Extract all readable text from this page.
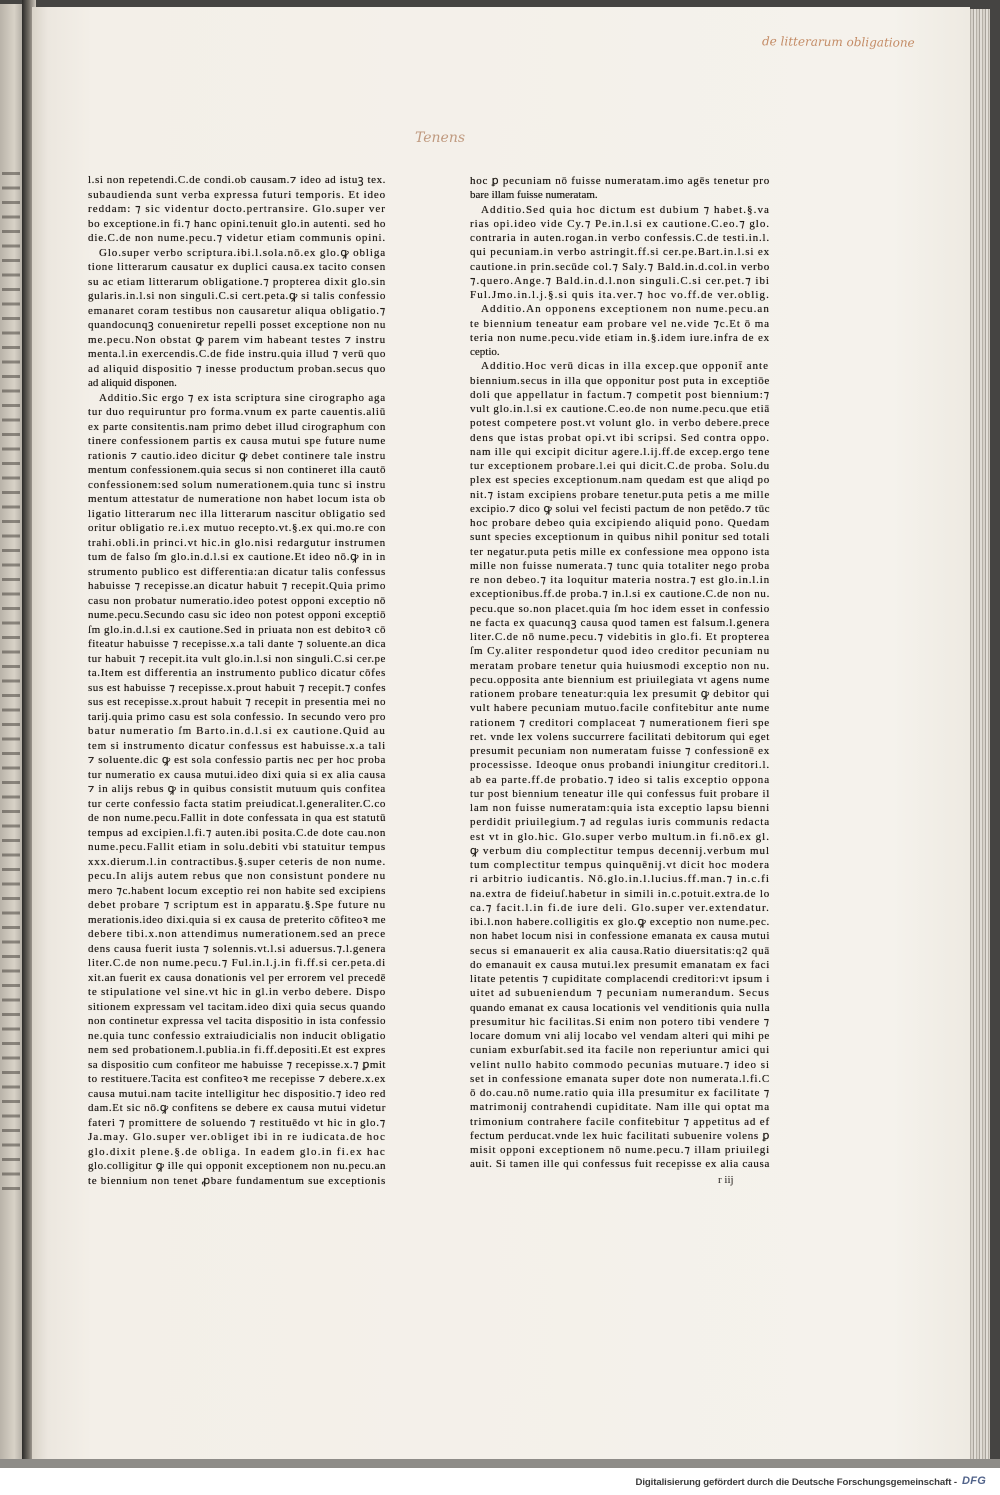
de litterarum obligatione
Tenens
l.si non repetendi.C.de condi.ob causam.⁊ ideo ad istuꝫ tex.
subaudienda sunt verba expressa futuri temporis. Et ideo
reddam: ⁊ sic videntur docto.pertransire. Glo.super ver
bo exceptione.in fi.⁊ hanc opini.tenuit glo.in autenti. sed ho
die.C.de non nume.pecu.⁊ videtur etiam communis opini.
Glo.super verbo scriptura.ibi.l.sola.nō.ex glo.ꝙ obliga
tione litterarum causatur ex duplici causa.ex tacito consen
su ac etiam litterarum obligatione.⁊ propterea dixit glo.sin
gularis.in.l.si non singuli.C.si cert.peta.ꝙ si talis confessio
emanaret coram testibus non causaretur aliqua obligatio.⁊
quandocunqꝫ conueniretur repelli posset exceptione non nu
me.pecu.Non obstat ꝙ parem vim habeant testes ⁊ instru
menta.l.in exercendis.C.de fide instru.quia illud ⁊ verū quo
ad aliquid dispositio ⁊ inesse productum proban.secus quo
ad aliquid disponen.
Additio.Sic ergo ⁊ ex ista scriptura sine cirographo aga
tur duo requiruntur pro forma.vnum ex parte cauentis.aliū
ex parte consitentis.nam primo debet illud cirographum con
tinere confessionem partis ex causa mutui spe future nume
rationis ⁊ cautio.ideo dicitur ꝙ debet continere tale instru
mentum confessionem.quia secus si non contineret illa cautō
confessionem:sed solum numerationem.quia tunc si instru
mentum attestatur de numeratione non habet locum ista ob
ligatio litterarum nec illa litterarum nascitur obligatio sed
oritur obligatio re.i.ex mutuo recepto.vt.§.ex qui.mo.re con
trahi.obli.in princi.vt hic.in glo.nisi redargutur instrumen
tum de falso ſm glo.in.d.l.si ex cautione.Et ideo nō.ꝙ in in
strumento publico est differentia:an dicatur talis confessus
habuisse ⁊ recepisse.an dicatur habuit ⁊ recepit.Quia primo
casu non probatur numeratio.ideo potest opponi exceptio nō
nume.pecu.Secundo casu sic ideo non potest opponi exceptiō
ſm glo.in.d.l.si ex cautione.Sed in priuata non est debitoꝛ cō
fiteatur habuisse ⁊ recepisse.x.a tali dante ⁊ soluente.an dica
tur habuit ⁊ recepit.ita vult glo.in.l.si non singuli.C.si cer.pe
ta.Item est differentia an instrumento publico dicatur cōfes
sus est habuisse ⁊ recepisse.x.prout habuit ⁊ recepit.⁊ confes
sus est recepisse.x.prout habuit ⁊ recepit in presentia mei no
tarij.quia primo casu est sola confessio. In secundo vero pro
batur numeratio ſm Barto.in.d.l.si ex cautione.Quid au
tem si instrumento dicatur confessus est habuisse.x.a tali
⁊ soluente.dic ꝙ est sola confessio partis nec per hoc proba
tur numeratio ex causa mutui.ideo dixi quia si ex alia causa
⁊ in alijs rebus ꝙ in quibus consistit mutuum quis confitea
tur certe confessio facta statim preiudicat.l.generaliter.C.co
de non nume.pecu.Fallit in dote confessata in qua est statutū
tempus ad excipien.l.fi.⁊ auten.ibi posita.C.de dote cau.non
nume.pecu.Fallit etiam in solu.debiti vbi statuitur tempus
xxx.dierum.l.in contractibus.§.super ceteris de non nume.
pecu.In alijs autem rebus que non consistunt pondere nu
mero ⁊c.habent locum exceptio rei non habite sed excipiens
debet probare ⁊ scriptum est in apparatu.§.Spe future nu
merationis.ideo dixi.quia si ex causa de preterito cōfiteoꝛ me
debere tibi.x.non attendimus numerationem.sed an prece
dens causa fuerit iusta ⁊ solennis.vt.l.si aduersus.⁊.l.genera
liter.C.de non nume.pecu.⁊ Ful.in.l.j.in fi.ff.si cer.peta.di
xit.an fuerit ex causa donationis vel per errorem vel precedē
te stipulatione vel sine.vt hic in gl.in verbo debere. Dispo
sitionem expressam vel tacitam.ideo dixi quia secus quando
non continetur expressa vel tacita dispositio in ista confessio
ne.quia tunc confessio extraiudicialis non inducit obligatio
nem sed probationem.l.publia.in fi.ff.depositi.Et est expres
sa dispositio cum confiteor me habuisse ⁊ recepisse.x.⁊ ꝑmit
to restituere.Tacita est confiteoꝛ me recepisse ⁊ debere.x.ex
causa mutui.nam tacite intelligitur hec dispositio.⁊ ideo red
dam.Et sic nō.ꝙ confitens se debere ex causa mutui videtur
fateri ⁊ promittere de soluendo ⁊ restituēdo vt hic in glo.⁊
Ja.may. Glo.super ver.obliget ibi in re iudicata.de hoc
glo.dixit plene.§.de obliga. In eadem glo.in fi.ex hac
glo.colligitur ꝙ ille qui opponit exceptionem non nu.pecu.an
te biennium non tenet ꝓbare fundamentum sue exceptionis
hoc ꝑ pecuniam nō fuisse numeratam.imo agēs tenetur pro
bare illam fuisse numeratam.
Additio.Sed quia hoc dictum est dubium ⁊ habet.§.va
rias opi.ideo vide Cy.⁊ Pe.in.l.si ex cautione.C.eo.⁊ glo.
contraria in auten.rogan.in verbo confessis.C.de testi.in.l.
qui pecuniam.in verbo astringit.ff.si cer.pe.Bart.in.l.si ex
cautione.in prin.secūde col.⁊ Saly.⁊ Bald.in.d.col.in verbo
⁊.quero.Ange.⁊ Bald.in.d.l.non singuli.C.si cer.pet.⁊ ibi
Ful.Jmo.in.l.j.§.si quis ita.ver.⁊ hoc vo.ff.de ver.oblig.
Additio.An opponens exceptionem non nume.pecu.an
te biennium teneatur eam probare vel ne.vide ⁊c.Et ō ma
teria non nume.pecu.vide etiam in.§.idem iure.infra de ex
ceptio.
Additio.Hoc verū dicas in illa excep.que opponit̄ ante
biennium.secus in illa que opponitur post puta in exceptiōe
doli que appellatur in factum.⁊ competit post biennium:⁊
vult glo.in.l.si ex cautione.C.eo.de non nume.pecu.que etiā
potest competere post.vt volunt glo. in verbo debere.prece
dens que istas probat opi.vt ibi scripsi. Sed contra oppo.
nam ille qui excipit dicitur agere.l.ij.ff.de excep.ergo tene
tur exceptionem probare.l.ei qui dicit.C.de proba. Solu.du
plex est species exceptionum.nam quedam est que aliqd po
nit.⁊ istam excipiens probare tenetur.puta petis a me mille
excipio.⁊ dico ꝙ solui vel fecisti pactum de non petēdo.⁊ tūc
hoc probare debeo quia excipiendo aliquid pono. Quedam
sunt species exceptionum in quibus nihil ponitur sed totali
ter negatur.puta petis mille ex confessione mea oppono ista
mille non fuisse numerata.⁊ tunc quia totaliter nego proba
re non debeo.⁊ ita loquitur materia nostra.⁊ est glo.in.l.in
exceptionibus.ff.de proba.⁊ in.l.si ex cautione.C.de non nu.
pecu.que so.non placet.quia ſm hoc idem esset in confessio
ne facta ex quacunqꝫ causa quod tamen est falsum.l.genera
liter.C.de nō nume.pecu.⁊ videbitis in glo.fi. Et propterea
ſm Cy.aliter respondetur quod ideo creditor pecuniam nu
meratam probare tenetur quia huiusmodi exceptio non nu.
pecu.opposita ante biennium est priuilegiata vt agens nume
rationem probare teneatur:quia lex presumit ꝙ debitor qui
vult habere pecuniam mutuo.facile confitebitur ante nume
rationem ⁊ creditori complaceat ⁊ numerationem fieri spe
ret. vnde lex volens succurrere facilitati debitorum qui eget
presumit pecuniam non numeratam fuisse ⁊ confessionē ex
processisse. Ideoque onus probandi iniungitur creditori.l.
ab ea parte.ff.de probatio.⁊ ideo si talis exceptio oppona
tur post biennium teneatur ille qui confessus fuit probare il
lam non fuisse numeratam:quia ista exceptio lapsu bienni
perdidit priuilegium.⁊ ad regulas iuris communis redacta
est vt in glo.hic. Glo.super verbo multum.in fi.nō.ex gl.
ꝙ verbum diu complectitur tempus decennij.verbum mul
tum complectitur tempus quinquēnij.vt dicit hoc modera
ri arbitrio iudicantis. Nō.glo.in.l.lucius.ff.man.⁊ in.c.fi
na.extra de fideiuſ.habetur in simili in.c.potuit.extra.de lo
ca.⁊ facit.l.in fi.de iure deli. Glo.super ver.extendatur.
ibi.l.non habere.colligitis ex glo.ꝙ exceptio non nume.pec.
non habet locum nisi in confessione emanata ex causa mutui
secus si emanauerit ex alia causa.Ratio diuersitatis:q2 quā
do emanauit ex causa mutui.lex presumit emanatam ex faci
litate petentis ⁊ cupiditate complacendi creditori:vt ipsum i
uitet ad subueniendum ⁊ pecuniam numerandum. Secus
quando emanat ex causa locationis vel venditionis quia nulla
presumitur hic facilitas.Si enim non potero tibi vendere ⁊
locare domum vni alij locabo vel vendam alteri qui mihi pe
cuniam exburſabit.sed ita facile non reperiuntur amici qui
velint nullo habito commodo pecunias mutuare.⁊ ideo si
set in confessione emanata super dote non numerata.l.fi.C
ō do.cau.nō nume.ratio quia illa presumitur ex facilitate ⁊
matrimonij contrahendi cupiditate. Nam ille qui optat ma
trimonium contrahere facile confitebitur ⁊ appetitus ad ef
fectum perducat.vnde lex huic facilitati subuenire volens ꝑ
misit opponi exceptionem nō nume.pecu.⁊ illam priuilegi
auit. Si tamen ille qui confessus fuit recepisse ex alia causa
r iij
Digitalisierung gefördert durch die Deutsche Forschungsgemeinschaft - DFG
